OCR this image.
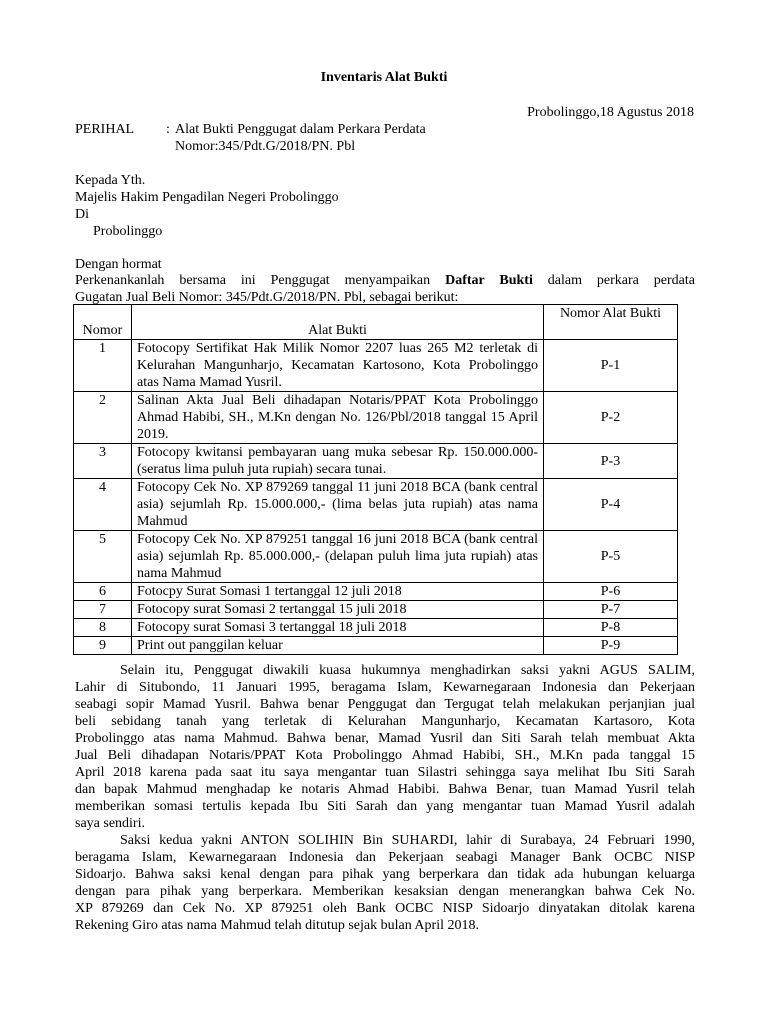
Inventaris Alat Bukti
Probolinggo,18 Agustus 2018
PERIHAL : Alat Bukti Penggugat dalam Perkara Perdata
Nomor:345/Pdt.G/2018/PN. Pbl
Kepada Yth.
Majelis Hakim Pengadilan Negeri Probolinggo
Di
Probolinggo
Dengan hormat
Perkenankanlah bersama ini Penggugat menyampaikan Daftar Bukti dalam perkara perdata
Gugatan Jual Beli Nomor: 345/Pdt.G/2018/PN. Pbl, sebagai berikut:
Nomor	Alat Bukti	Nomor Alat Bukti
1	Fotocopy Sertifikat Hak Milik Nomor 2207 luas 265 M2 terletak di Kelurahan Mangunharjo, Kecamatan Kartosono, Kota Probolinggo atas Nama Mamad Yusril.	P-1
2	Salinan Akta Jual Beli dihadapan Notaris/PPAT Kota Probolinggo Ahmad Habibi, SH., M.Kn dengan No. 126/Pbl/2018 tanggal 15 April 2019.	P-2
3	Fotocopy kwitansi pembayaran uang muka sebesar Rp. 150.000.000- (seratus lima puluh juta rupiah) secara tunai.	P-3
4	Fotocopy Cek No. XP 879269 tanggal 11 juni 2018 BCA (bank central asia) sejumlah Rp. 15.000.000,- (lima belas juta rupiah) atas nama Mahmud	P-4
5	Fotocopy Cek No. XP 879251 tanggal 16 juni 2018 BCA (bank central asia) sejumlah Rp. 85.000.000,- (delapan puluh lima juta rupiah) atas nama Mahmud	P-5
6	Fotocpy Surat Somasi 1 tertanggal 12 juli 2018	P-6
7	Fotocopy surat Somasi 2 tertanggal 15 juli 2018	P-7
8	Fotocopy surat Somasi 3 tertanggal 18 juli 2018	P-8
9	Print out panggilan keluar	P-9
Selain itu, Penggugat diwakili kuasa hukumnya menghadirkan saksi yakni AGUS SALIM,
Lahir di Situbondo, 11 Januari 1995, beragama Islam, Kewarnegaraan Indonesia dan Pekerjaan
seabagi sopir Mamad Yusril. Bahwa benar Penggugat dan Tergugat telah melakukan perjanjian jual
beli sebidang tanah yang terletak di Kelurahan Mangunharjo, Kecamatan Kartasoro, Kota
Probolinggo atas nama Mahmud. Bahwa benar, Mamad Yusril dan Siti Sarah telah membuat Akta
Jual Beli dihadapan Notaris/PPAT Kota Probolinggo Ahmad Habibi, SH., M.Kn pada tanggal 15
April 2018 karena pada saat itu saya mengantar tuan Silastri sehingga saya melihat Ibu Siti Sarah
dan bapak Mahmud menghadap ke notaris Ahmad Habibi. Bahwa Benar, tuan Mamad Yusril telah
memberikan somasi tertulis kepada Ibu Siti Sarah dan yang mengantar tuan Mamad Yusril adalah
saya sendiri.
Saksi kedua yakni ANTON SOLIHIN Bin SUHARDI, lahir di Surabaya, 24 Februari 1990,
beragama Islam, Kewarnegaraan Indonesia dan Pekerjaan seabagi Manager Bank OCBC NISP
Sidoarjo. Bahwa saksi kenal dengan para pihak yang berperkara dan tidak ada hubungan keluarga
dengan para pihak yang berperkara. Memberikan kesaksian dengan menerangkan bahwa Cek No.
XP 879269 dan Cek No. XP 879251 oleh Bank OCBC NISP Sidoarjo dinyatakan ditolak karena
Rekening Giro atas nama Mahmud telah ditutup sejak bulan April 2018.
